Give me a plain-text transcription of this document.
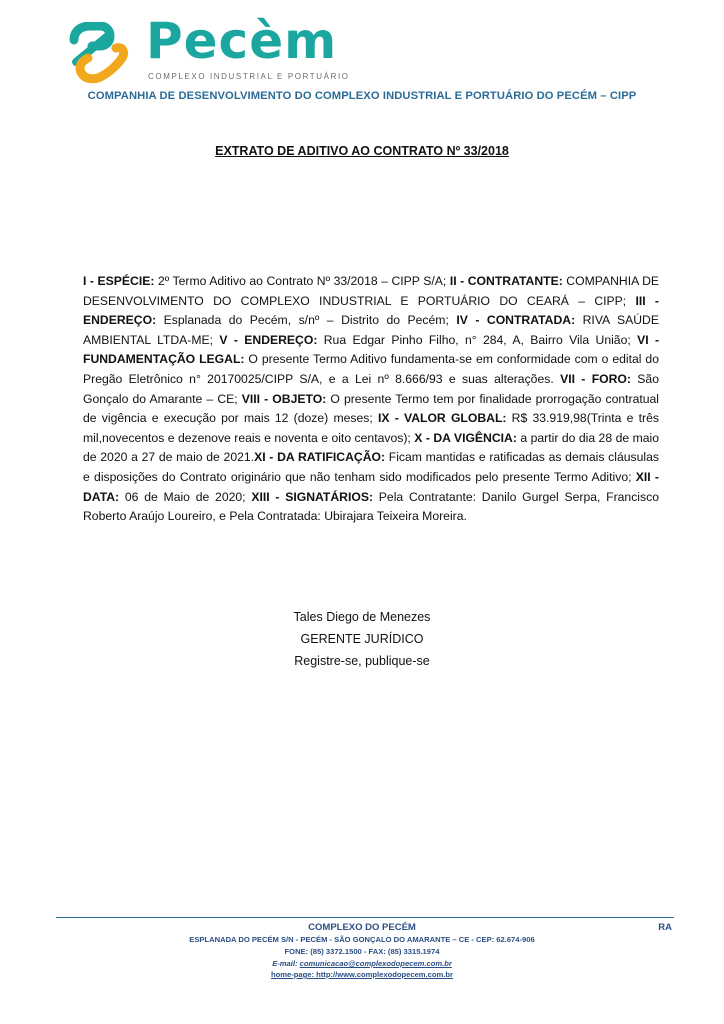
Pecèm
COMPLEXO INDUSTRIAL E PORTUÁRIO
COMPANHIA DE DESENVOLVIMENTO DO COMPLEXO INDUSTRIAL E PORTUÁRIO DO PECÉM – CIPP
EXTRATO DE ADITIVO AO CONTRATO Nº 33/2018
I - ESPÉCIE: 2º Termo Aditivo ao Contrato Nº 33/2018 – CIPP S/A; II - CONTRATANTE: COMPANHIA DE DESENVOLVIMENTO DO COMPLEXO INDUSTRIAL E PORTUÁRIO DO CEARÁ – CIPP; III - ENDEREÇO: Esplanada do Pecém, s/nº – Distrito do Pecém; IV - CONTRATADA: RIVA SAÚDE AMBIENTAL LTDA-ME; V - ENDEREÇO: Rua Edgar Pinho Filho, n° 284, A, Bairro Vila União; VI - FUNDAMENTAÇÃO LEGAL: O presente Termo Aditivo fundamenta-se em conformidade com o edital do Pregão Eletrônico n° 20170025/CIPP S/A, e a Lei nº 8.666/93 e suas alterações. VII - FORO: São Gonçalo do Amarante – CE; VIII - OBJETO: O presente Termo tem por finalidade prorrogação contratual de vigência e execução por mais 12 (doze) meses; IX - VALOR GLOBAL: R$ 33.919,98(Trinta e três mil,novecentos e dezenove reais e noventa e oito centavos); X - DA VIGÊNCIA: a partir do dia 28 de maio de 2020 a 27 de maio de 2021.XI - DA RATIFICAÇÃO: Ficam mantidas e ratificadas as demais cláusulas e disposições do Contrato originário que não tenham sido modificados pelo presente Termo Aditivo; XII - DATA: 06 de Maio de 2020; XIII - SIGNATÁRIOS: Pela Contratante: Danilo Gurgel Serpa, Francisco Roberto Araújo Loureiro, e Pela Contratada: Ubirajara Teixeira Moreira.
Tales Diego de Menezes
GERENTE JURÍDICO
Registre-se, publique-se
COMPLEXO DO PECÉM	RA
ESPLANADA DO PECÉM S/N - PECÉM - SÃO GONÇALO DO AMARANTE – CE - CEP: 62.674-906
FONE: (85) 3372.1500 - FAX: (85) 3315.1974
E-mail: comunicacao@complexodopecem.com.br
home-page: http://www.complexodopecem.com.br
